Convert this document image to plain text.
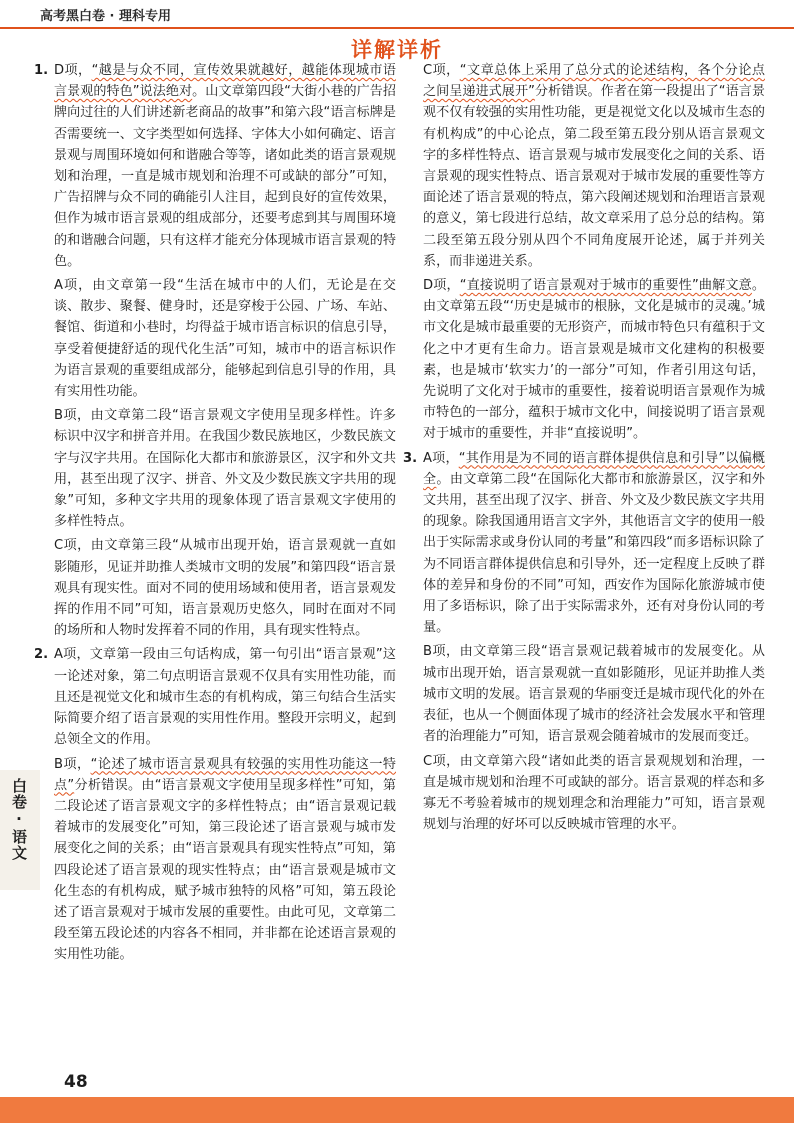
高考黑白卷 · 理科专用
详解详析
1. D项，“越是与众不同，宣传效果就越好，越能体现城市语言景观的特色”说法绝对。山文章第四段“大街小巷的广告招牌向过往的人们讲述新老商品的故事”和第六段“语言标牌是否需要统一、文字类型如何选择、字体大小如何确定、语言景观与周围环境如何和谐融合等等，诸如此类的语言景观规划和治理，一直是城市规划和治理不可或缺的部分”可知，广告招牌与众不同的确能引人注目，起到良好的宣传效果，但作为城市语言景观的组成部分，还要考虑到其与周围环境的和谐融合问题，只有这样才能充分体现城市语言景观的特色。

A项，由文章第一段“生活在城市中的人们，无论是在交谈、散步、聚餐、健身时，还是穿梭于公园、广场、车站、餐馆、街道和小巷时，均得益于城市语言标识的信息引导，享受着便捷舒适的现代化生活”可知，城市中的语言标识作为语言景观的重要组成部分，能够起到信息引导的作用，具有实用性功能。

B项，由文章第二段“语言景观文字使用呈现多样性。许多标识中汉字和拼音并用。在我国少数民族地区，少数民族文字与汉字共用。在国际化大都市和旅游景区，汉字和外文共用，甚至出现了汉字、拼音、外文及少数民族文字共用的现象”可知，多种文字共用的现象体现了语言景观文字使用的多样性特点。

C项，由文章第三段“从城市出现开始，语言景观就一直如影随形，见证并助推人类城市文明的发展”和第四段“语言景观具有现实性。面对不同的使用场域和使用者，语言景观发挥的作用不同”可知，语言景观历史悠久，同时在面对不同的场所和人物时发挥着不同的作用，具有现实性特点。

2. A项，文章第一段由三句话构成，第一句引出“语言景观”这一论述对象，第二句点明语言景观不仅具有实用性功能，而且还是视觉文化和城市生态的有机构成，第三句结合生活实际简要介绍了语言景观的实用性作用。整段开宗明义，起到总领全文的作用。

B项，“论述了城市语言景观具有较强的实用性功能这一特点”分析错误。由“语言景观文字使用呈现多样性”可知，第二段论述了语言景观文字的多样性特点；由“语言景观记载着城市的发展变化”可知，第三段论述了语言景观与城市发展变化之间的关系；由“语言景观具有现实性特点”可知，第四段论述了语言景观的现实性特点；由“语言景观是城市文化生态的有机构成，赋予城市独特的风格”可知，第五段论述了语言景观对于城市发展的重要性。由此可见，文章第二段至第五段论述的内容各不相同，并非都在论述语言景观的实用性功能。

C项，“文章总体上采用了总分式的论述结构，各个分论点之间呈递进式展开”分析错误。作者在第一段提出了“语言景观不仅有较强的实用性功能，更是视觉文化以及城市生态的有机构成”的中心论点，第二段至第五段分别从语言景观文字的多样性特点、语言景观与城市发展变化之间的关系、语言景观的现实性特点、语言景观对于城市发展的重要性等方面论述了语言景观的特点，第六段阐述规划和治理语言景观的意义，第七段进行总结，故文章采用了总分总的结构。第二段至第五段分别从四个不同角度展开论述，属于并列关系，而非递进关系。

D项，“直接说明了语言景观对于城市的重要性”曲解文意。由文章第五段“‘历史是城市的根脉，文化是城市的灵魂。’城市文化是城市最重要的无形资产，而城市特色只有蕴积于文化之中才更有生命力。语言景观是城市文化建构的积极要素，也是城市‘软实力’的一部分”可知，作者引用这句话，先说明了文化对于城市的重要性，接着说明语言景观作为城市特色的一部分，蕴积于城市文化中，间接说明了语言景观对于城市的重要性，并非“直接说明”。

3. A项，“其作用是为不同的语言群体提供信息和引导”以偏概全。由文章第二段“在国际化大都市和旅游景区，汉字和外文共用，甚至出现了汉字、拼音、外文及少数民族文字共用的现象。除我国通用语言文字外，其他语言文字的使用一般出于实际需求或身份认同的考量”和第四段“而多语标识除了为不同语言群体提供信息和引导外，还一定程度上反映了群体的差异和身份的不同”可知，西安作为国际化旅游城市使用了多语标识，除了出于实际需求外，还有对身份认同的考量。

B项，由文章第三段“语言景观记载着城市的发展变化。从城市出现开始，语言景观就一直如影随形，见证并助推人类城市文明的发展。语言景观的华丽变迁是城市现代化的外在表征，也从一个侧面体现了城市的经济社会发展水平和管理者的治理能力”可知，语言景观会随着城市的发展而变迁。

C项，由文章第六段“诸如此类的语言景观规划和治理，一直是城市规划和治理不可或缺的部分。语言景观的样态和多寡无不考验着城市的规划理念和治理能力”可知，语言景观规划与治理的好坏可以反映城市管理的水平。

白卷·语文
48
